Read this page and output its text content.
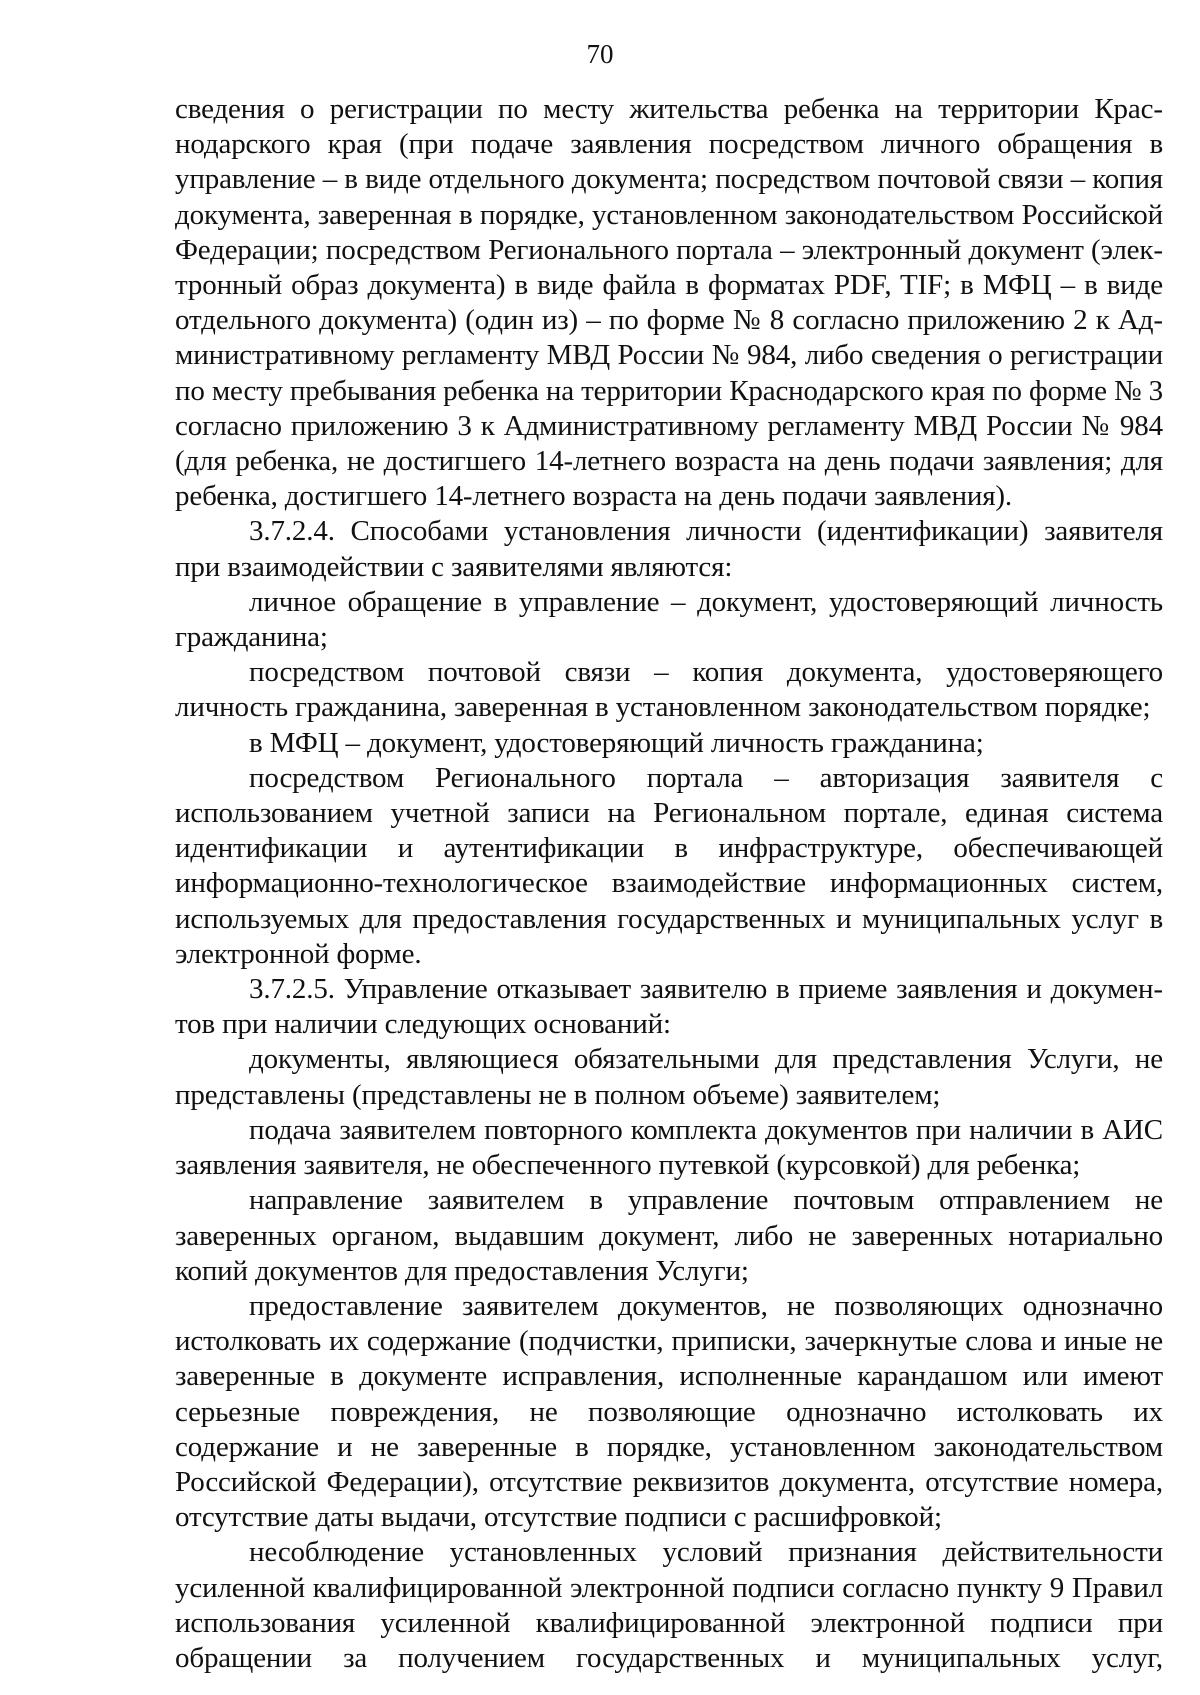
70

сведения о регистрации по месту жительства ребенка на территории Краснодарского края (при подаче заявления посредством личного обращения в управление – в виде отдельного документа; посредством почтовой связи – копия документа, заверенная в порядке, установленном законодательством Российской Федерации; посредством Регионального портала – электронный документ (электронный образ документа) в виде файла в форматах PDF, TIF; в МФЦ – в виде отдельного документа) (один из) – по форме № 8 согласно приложению 2 к Административному регламенту МВД России № 984, либо сведения о регистрации по месту пребывания ребенка на территории Краснодарского края по форме № 3 согласно приложению 3 к Административному регламенту МВД России № 984 (для ребенка, не достигшего 14-летнего возраста на день подачи заявления; для ребенка, достигшего 14-летнего возраста на день подачи заявления).

3.7.2.4. Способами установления личности (идентификации) заявителя при взаимодействии с заявителями являются:

личное обращение в управление – документ, удостоверяющий личность гражданина;

посредством почтовой связи – копия документа, удостоверяющего личность гражданина, заверенная в установленном законодательством порядке;

в МФЦ – документ, удостоверяющий личность гражданина;

посредством Регионального портала – авторизация заявителя с использованием учетной записи на Региональном портале, единая система идентификации и аутентификации в инфраструктуре, обеспечивающей информационно-технологическое взаимодействие информационных систем, используемых для предоставления государственных и муниципальных услуг в электронной форме.

3.7.2.5. Управление отказывает заявителю в приеме заявления и документов при наличии следующих оснований:

документы, являющиеся обязательными для представления Услуги, не представлены (представлены не в полном объеме) заявителем;

подача заявителем повторного комплекта документов при наличии в АИС заявления заявителя, не обеспеченного путевкой (курсовкой) для ребенка;

направление заявителем в управление почтовым отправлением не заверенных органом, выдавшим документ, либо не заверенных нотариально копий документов для предоставления Услуги;

предоставление заявителем документов, не позволяющих однозначно истолковать их содержание (подчистки, приписки, зачеркнутые слова и иные не заверенные в документе исправления, исполненные карандашом или имеют серьезные повреждения, не позволяющие однозначно истолковать их содержание и не заверенные в порядке, установленном законодательством Российской Федерации), отсутствие реквизитов документа, отсутствие номера, отсутствие даты выдачи, отсутствие подписи с расшифровкой;

несоблюдение установленных условий признания действительности усиленной квалифицированной электронной подписи согласно пункту 9 Правил использования усиленной квалифицированной электронной подписи при обращении за получением государственных и муниципальных услуг,
